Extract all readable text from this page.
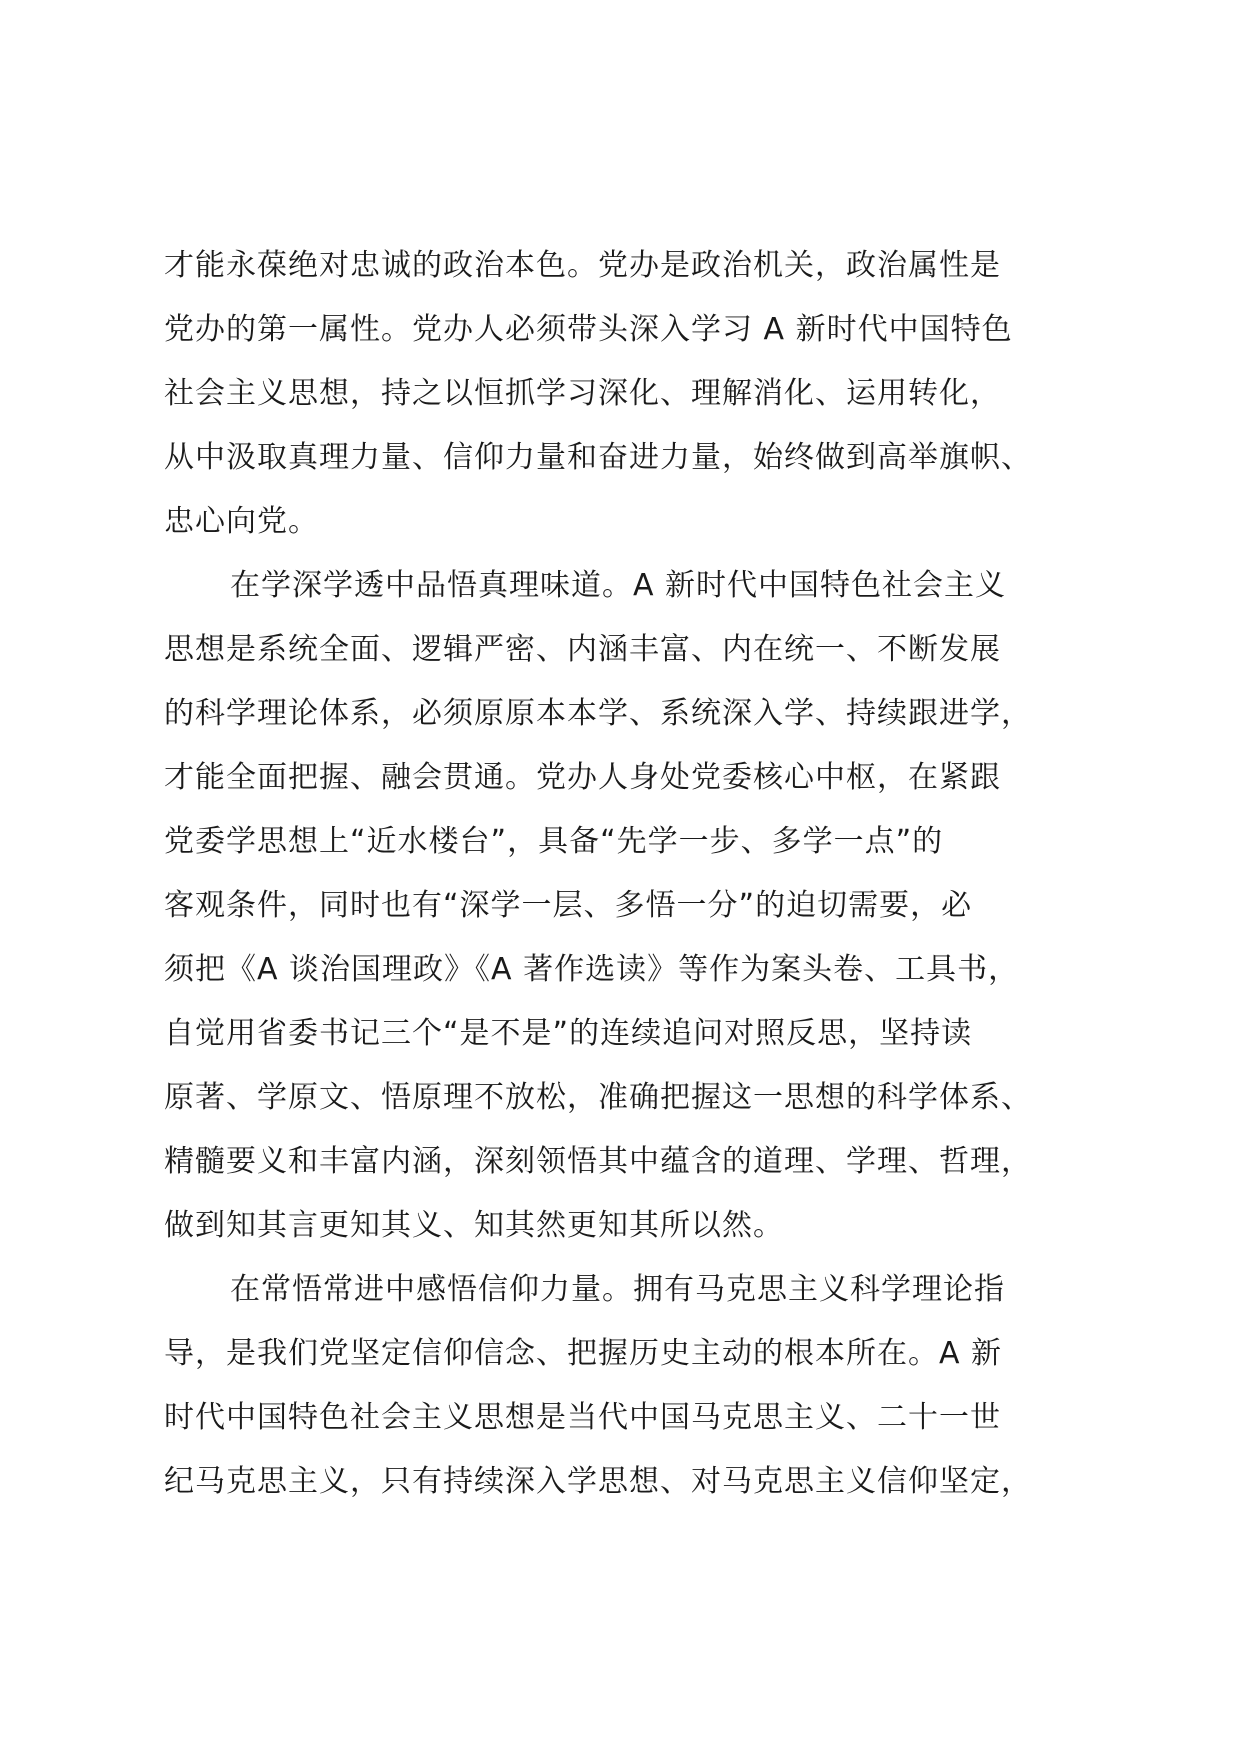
才能永葆绝对忠诚的政治本色。党办是政治机关，政治属性是
党办的第一属性。党办人必须带头深入学习 A 新时代中国特色
社会主义思想，持之以恒抓学习深化、理解消化、运用转化，
从中汲取真理力量、信仰力量和奋进力量，始终做到高举旗帜、
忠心向党。
在学深学透中品悟真理味道。A 新时代中国特色社会主义
思想是系统全面、逻辑严密、内涵丰富、内在统一、不断发展
的科学理论体系，必须原原本本学、系统深入学、持续跟进学，
才能全面把握、融会贯通。党办人身处党委核心中枢，在紧跟
党委学思想上“近水楼台”，具备“先学一步、多学一点”的
客观条件，同时也有“深学一层、多悟一分”的迫切需要，必
须把《A 谈治国理政》《A 著作选读》等作为案头卷、工具书，
自觉用省委书记三个“是不是”的连续追问对照反思，坚持读
原著、学原文、悟原理不放松，准确把握这一思想的科学体系、
精髓要义和丰富内涵，深刻领悟其中蕴含的道理、学理、哲理，
做到知其言更知其义、知其然更知其所以然。
在常悟常进中感悟信仰力量。拥有马克思主义科学理论指
导，是我们党坚定信仰信念、把握历史主动的根本所在。A 新
时代中国特色社会主义思想是当代中国马克思主义、二十一世
纪马克思主义，只有持续深入学思想、对马克思主义信仰坚定，
